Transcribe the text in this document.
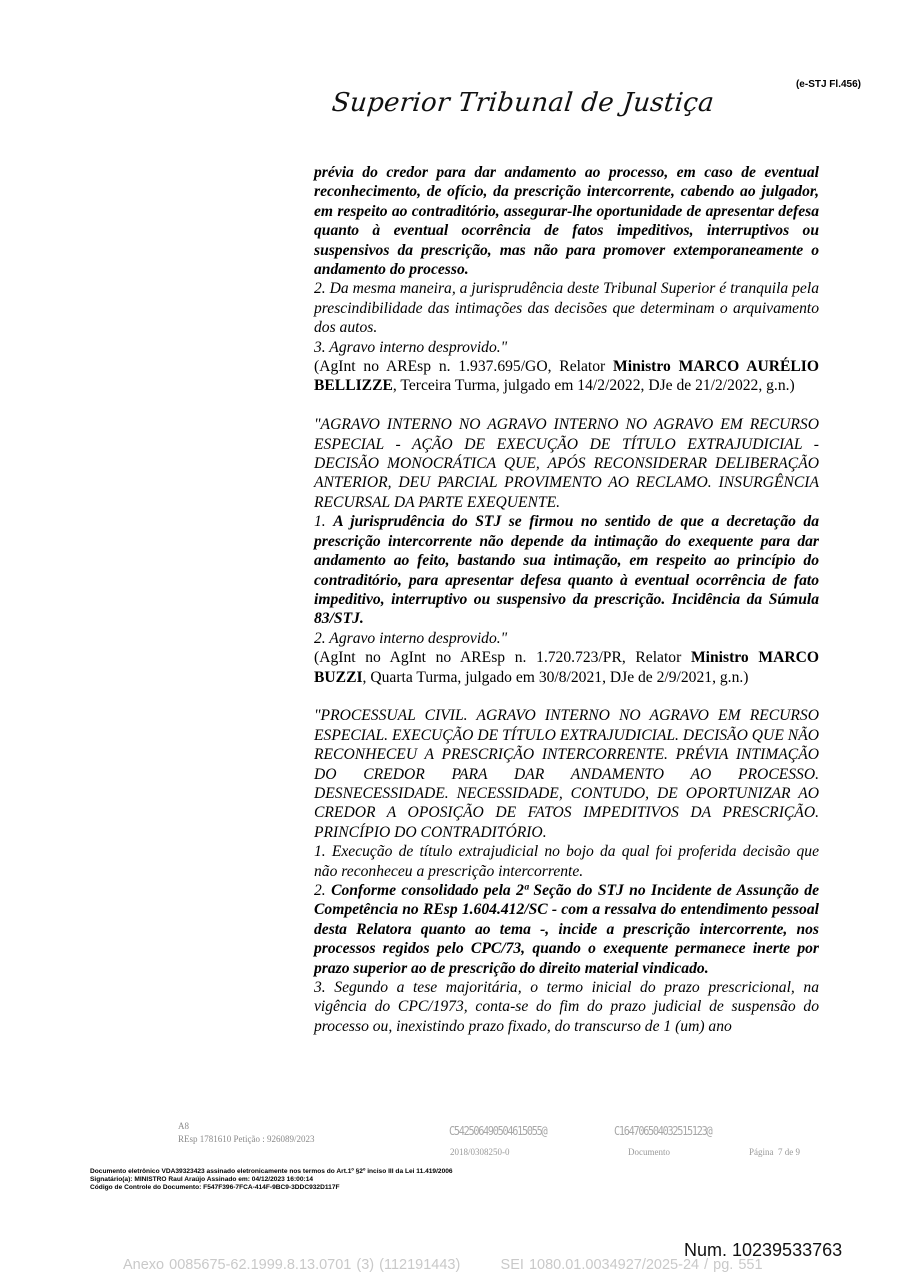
(e-STJ Fl.456)
Superior Tribunal de Justiça

prévia do credor para dar andamento ao processo, em caso de eventual reconhecimento, de ofício, da prescrição intercorrente, cabendo ao julgador, em respeito ao contraditório, assegurar-lhe oportunidade de apresentar defesa quanto à eventual ocorrência de fatos impeditivos, interruptivos ou suspensivos da prescrição, mas não para promover extemporaneamente o andamento do processo.

2. Da mesma maneira, a jurisprudência deste Tribunal Superior é tranquila pela prescindibilidade das intimações das decisões que determinam o arquivamento dos autos.

3. Agravo interno desprovido."

(AgInt no AREsp n. 1.937.695/GO, Relator Ministro MARCO AURÉLIO BELLIZZE, Terceira Turma, julgado em 14/2/2022, DJe de 21/2/2022, g.n.)

"AGRAVO INTERNO NO AGRAVO INTERNO NO AGRAVO EM RECURSO ESPECIAL - AÇÃO DE EXECUÇÃO DE TÍTULO EXTRAJUDICIAL - DECISÃO MONOCRÁTICA QUE, APÓS RECONSIDERAR DELIBERAÇÃO ANTERIOR, DEU PARCIAL PROVIMENTO AO RECLAMO. INSURGÊNCIA RECURSAL DA PARTE EXEQUENTE.

1. A jurisprudência do STJ se firmou no sentido de que a decretação da prescrição intercorrente não depende da intimação do exequente para dar andamento ao feito, bastando sua intimação, em respeito ao princípio do contraditório, para apresentar defesa quanto à eventual ocorrência de fato impeditivo, interruptivo ou suspensivo da prescrição. Incidência da Súmula 83/STJ.

2. Agravo interno desprovido."

(AgInt no AgInt no AREsp n. 1.720.723/PR, Relator Ministro MARCO BUZZI, Quarta Turma, julgado em 30/8/2021, DJe de 2/9/2021, g.n.)

"PROCESSUAL CIVIL. AGRAVO INTERNO NO AGRAVO EM RECURSO ESPECIAL. EXECUÇÃO DE TÍTULO EXTRAJUDICIAL. DECISÃO QUE NÃO RECONHECEU A PRESCRIÇÃO INTERCORRENTE. PRÉVIA INTIMAÇÃO DO CREDOR PARA DAR ANDAMENTO AO PROCESSO. DESNECESSIDADE. NECESSIDADE, CONTUDO, DE OPORTUNIZAR AO CREDOR A OPOSIÇÃO DE FATOS IMPEDITIVOS DA PRESCRIÇÃO. PRINCÍPIO DO CONTRADITÓRIO.

1. Execução de título extrajudicial no bojo da qual foi proferida decisão que não reconheceu a prescrição intercorrente.

2. Conforme consolidado pela 2ª Seção do STJ no Incidente de Assunção de Competência no REsp 1.604.412/SC - com a ressalva do entendimento pessoal desta Relatora quanto ao tema -, incide a prescrição intercorrente, nos processos regidos pelo CPC/73, quando o exequente permanece inerte por prazo superior ao de prescrição do direito material vindicado.

3. Segundo a tese majoritária, o termo inicial do prazo prescricional, na vigência do CPC/1973, conta-se do fim do prazo judicial de suspensão do processo ou, inexistindo prazo fixado, do transcurso de 1 (um) ano

A8
REsp 1781610 Petição : 926089/2023
C542506490504615055@
2018/0308250-0
C164706504032515123@
Documento	Página 7 de 9
Documento eletrônico VDA39323423 assinado eletronicamente nos termos do Art.1º §2º inciso III da Lei 11.419/2006
Signatário(a): MINISTRO Raul Araújo Assinado em: 04/12/2023 16:00:14
Código de Controle do Documento: F547F396-7FCA-414F-9BC9-3DDC932D117F
Num. 10239533763
Anexo 0085675-62.1999.8.13.0701 (3) (112191443)	SEI 1080.01.0034927/2025-24 / pg. 551
